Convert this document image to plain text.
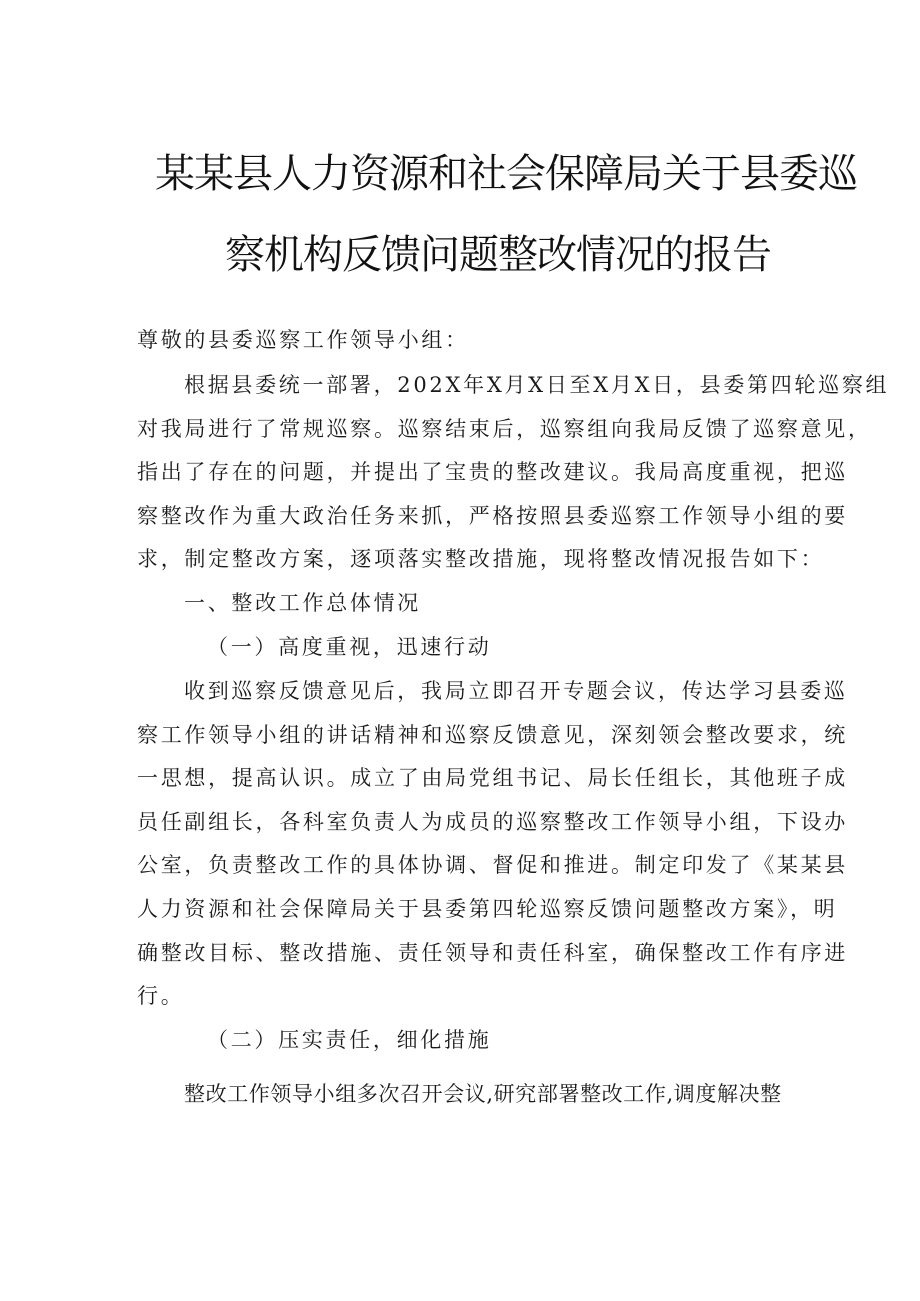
某某县人力资源和社会保障局关于县委巡
察机构反馈问题整改情况的报告
尊敬的县委巡察工作领导小组：
根据县委统一部署，202X年X月X日至X月X日，县委第四轮巡察组
对我局进行了常规巡察。巡察结束后，巡察组向我局反馈了巡察意见，
指出了存在的问题，并提出了宝贵的整改建议。我局高度重视，把巡
察整改作为重大政治任务来抓，严格按照县委巡察工作领导小组的要
求，制定整改方案，逐项落实整改措施，现将整改情况报告如下：
一、整改工作总体情况
（一）高度重视，迅速行动
收到巡察反馈意见后，我局立即召开专题会议，传达学习县委巡
察工作领导小组的讲话精神和巡察反馈意见，深刻领会整改要求，统
一思想，提高认识。成立了由局党组书记、局长任组长，其他班子成
员任副组长，各科室负责人为成员的巡察整改工作领导小组，下设办
公室，负责整改工作的具体协调、督促和推进。制定印发了《某某县
人力资源和社会保障局关于县委第四轮巡察反馈问题整改方案》，明
确整改目标、整改措施、责任领导和责任科室，确保整改工作有序进
行。
（二）压实责任，细化措施
整改工作领导小组多次召开会议,研究部署整改工作,调度解决整
